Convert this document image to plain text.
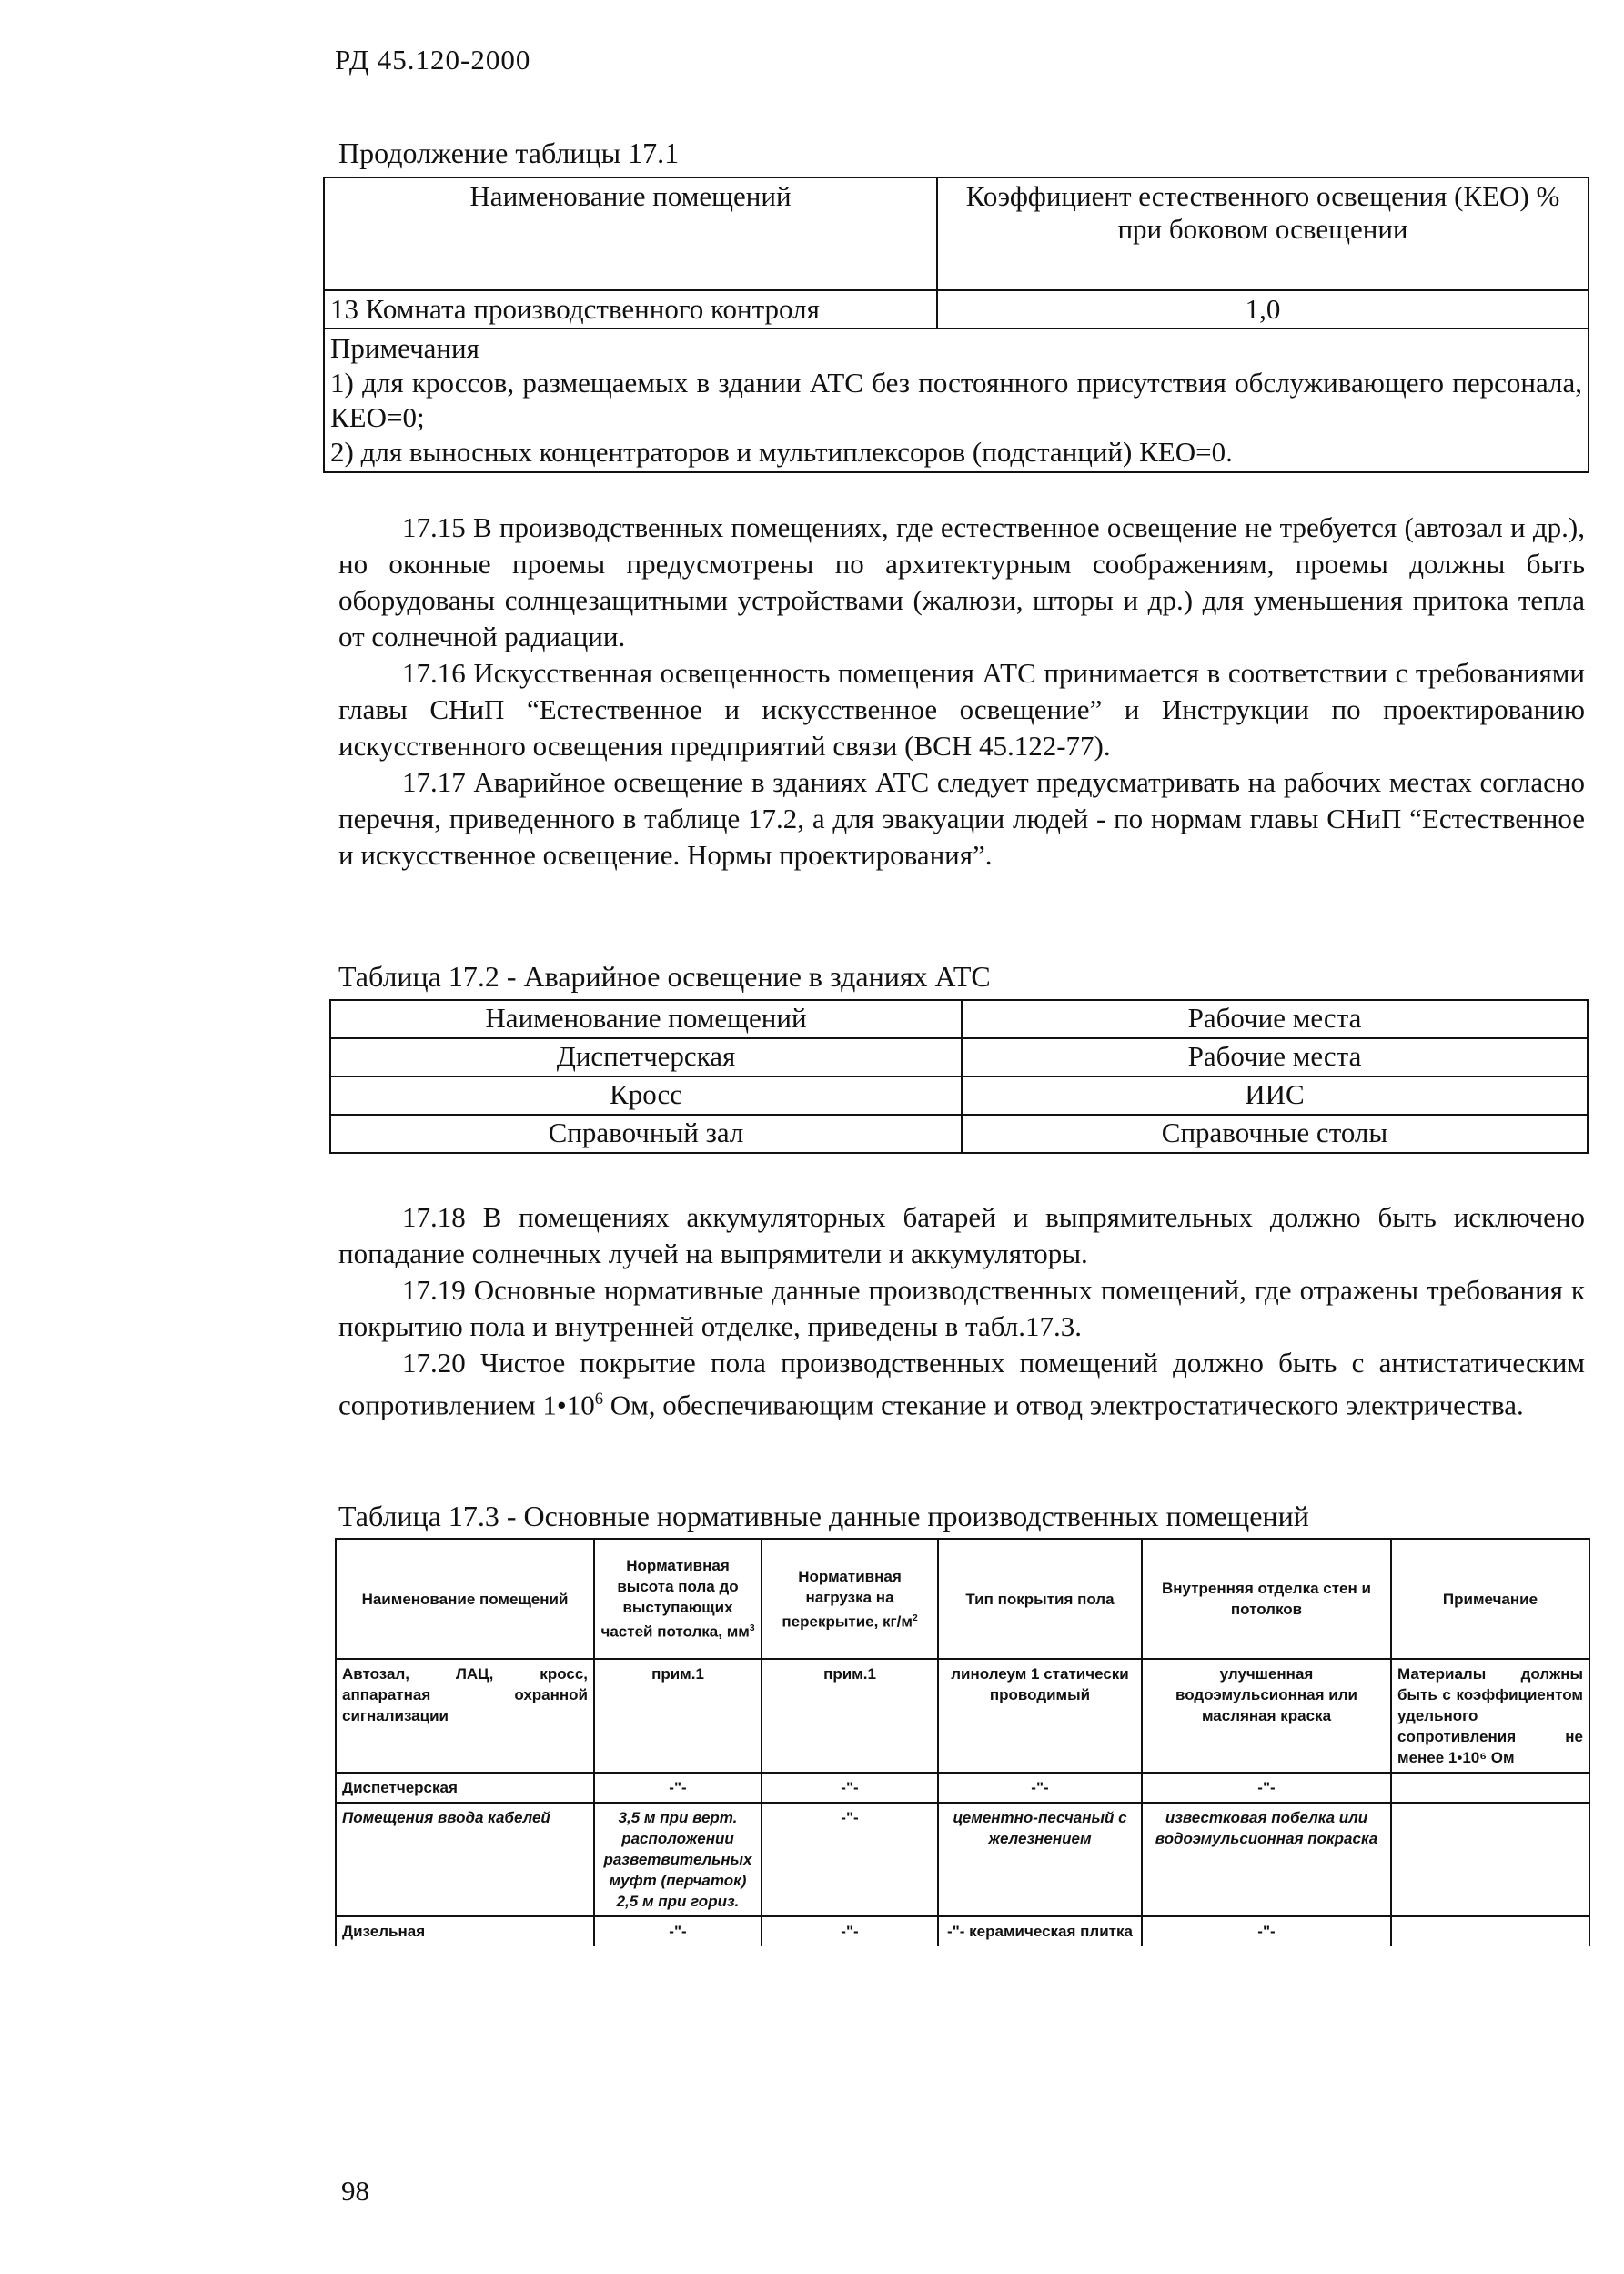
РД 45.120-2000
Продолжение таблицы 17.1
Наименование помещений	Коэффициент естественного освещения (КЕО) % при боковом освещении
13 Комната производственного контроля	1,0

Примечания
1) для кроссов, размещаемых в здании АТС без постоянного присутствия обслуживающего персонала, КЕО=0;
2) для выносных концентраторов и мультиплексоров (подстанций) КЕО=0.	

17.15 В производственных помещениях, где естественное освещение не требуется (автозал и др.), но оконные проемы предусмотрены по архитектурным соображениям, проемы должны быть оборудованы солнцезащитными устройствами (жалюзи, шторы и др.) для уменьшения притока тепла от солнечной радиации.

17.16 Искусственная освещенность помещения АТС принимается в соответствии с требованиями главы СНиП “Естественное и искусственное освещение” и Инструкции по проектированию искусственного освещения предприятий связи (ВСН 45.122-77).

17.17 Аварийное освещение в зданиях АТС следует предусматривать на рабочих местах согласно перечня, приведенного в таблице 17.2, а для эвакуации людей - по нормам главы СНиП “Естественное и искусственное освещение. Нормы проектирования”.

Таблица 17.2 - Аварийное освещение в зданиях АТС
Наименование помещений	Рабочие места
Диспетчерская	Рабочие места
Кросс	ИИС
Справочный зал	Справочные столы

17.18 В помещениях аккумуляторных батарей и выпрямительных должно быть исключено попадание солнечных лучей на выпрямители и аккумуляторы.

17.19 Основные нормативные данные производственных помещений, где отражены требования к покрытию пола и внутренней отделке, приведены в табл.17.3.

17.20 Чистое покрытие пола производственных помещений должно быть с антистатическим сопротивлением $1•10^6$ Ом, обеспечивающим стекание и отвод электростатического электричества.

Таблица 17.3 - Основные нормативные данные производственных помещений
Наименование помещений	Нормативная высота пола до выступающих частей потолка, $мм^3$	Нормативная нагрузка на перекрытие, $кг/м^2$	Тип покрытия пола	Внутренняя отделка стен и потолков	Примечание
Автозал, ЛАЦ, кросс, аппаратная охранной сигнализации	прим.1	прим.1	линолеум 1 статически проводимый	улучшенная водоэмульсионная или масляная краска	Материалы должны быть с коэффициентом удельного сопротивления не менее 1•10⁶ Ом
Диспетчерская	-"-	-"-	-"-	-"-	
Помещения ввода кабелей	3,5 м при верт. расположении разветвительных муфт (перчаток) 2,5 м при гориз.	-"-	цементно-песчаный с железнением	известковая побелка или водоэмульсионная покраска	
Дизельная	-"-	-"-	-"- керамическая плитка	-"-	
98
